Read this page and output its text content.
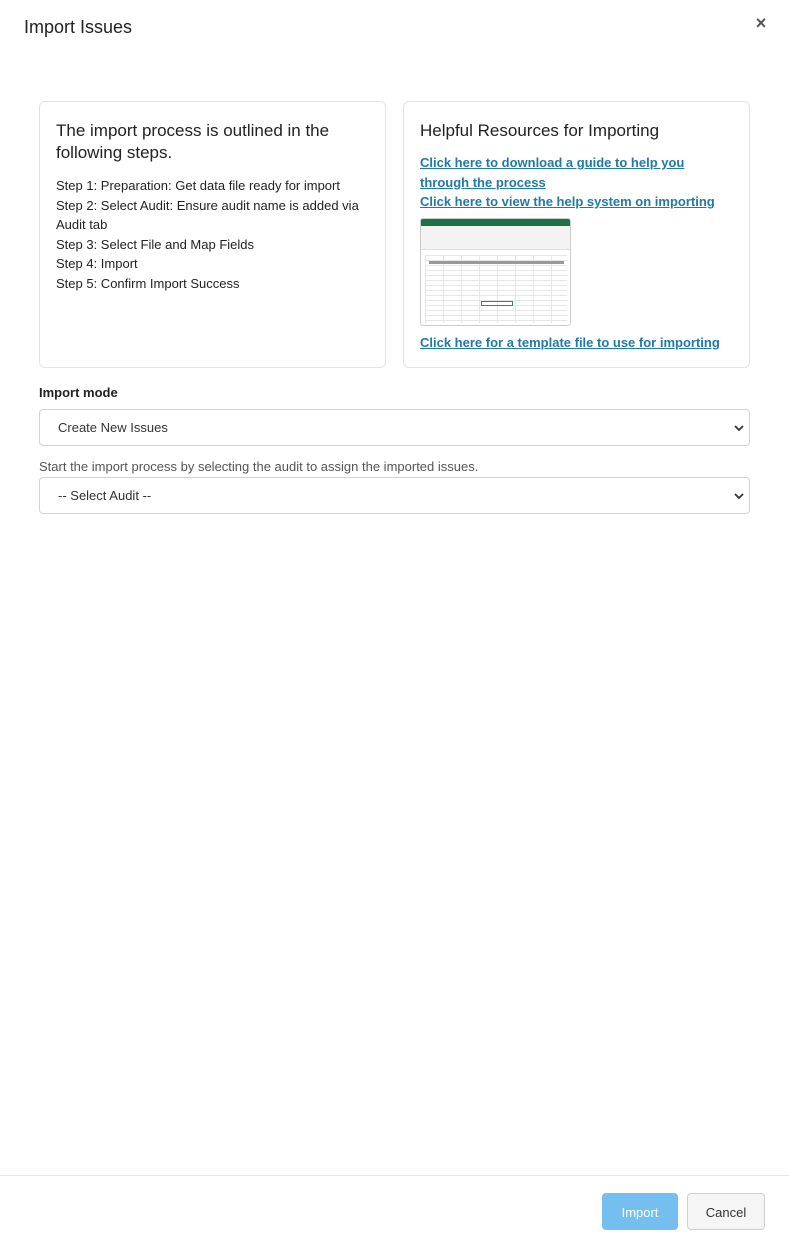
Import Issues	×
The import process is outlined in the following steps.
Step 1: Preparation: Get data file ready for import
Step 2: Select Audit: Ensure audit name is added via Audit tab
Step 3: Select File and Map Fields
Step 4: Import
Step 5: Confirm Import Success
Helpful Resources for Importing
Click here to download a guide to help you through the process
Click here to view the help system on importing
Click here for a template file to use for importing
Import mode
Create New Issues
Start the import process by selecting the audit to assign the imported issues.
-- Select Audit --
Import	Cancel
